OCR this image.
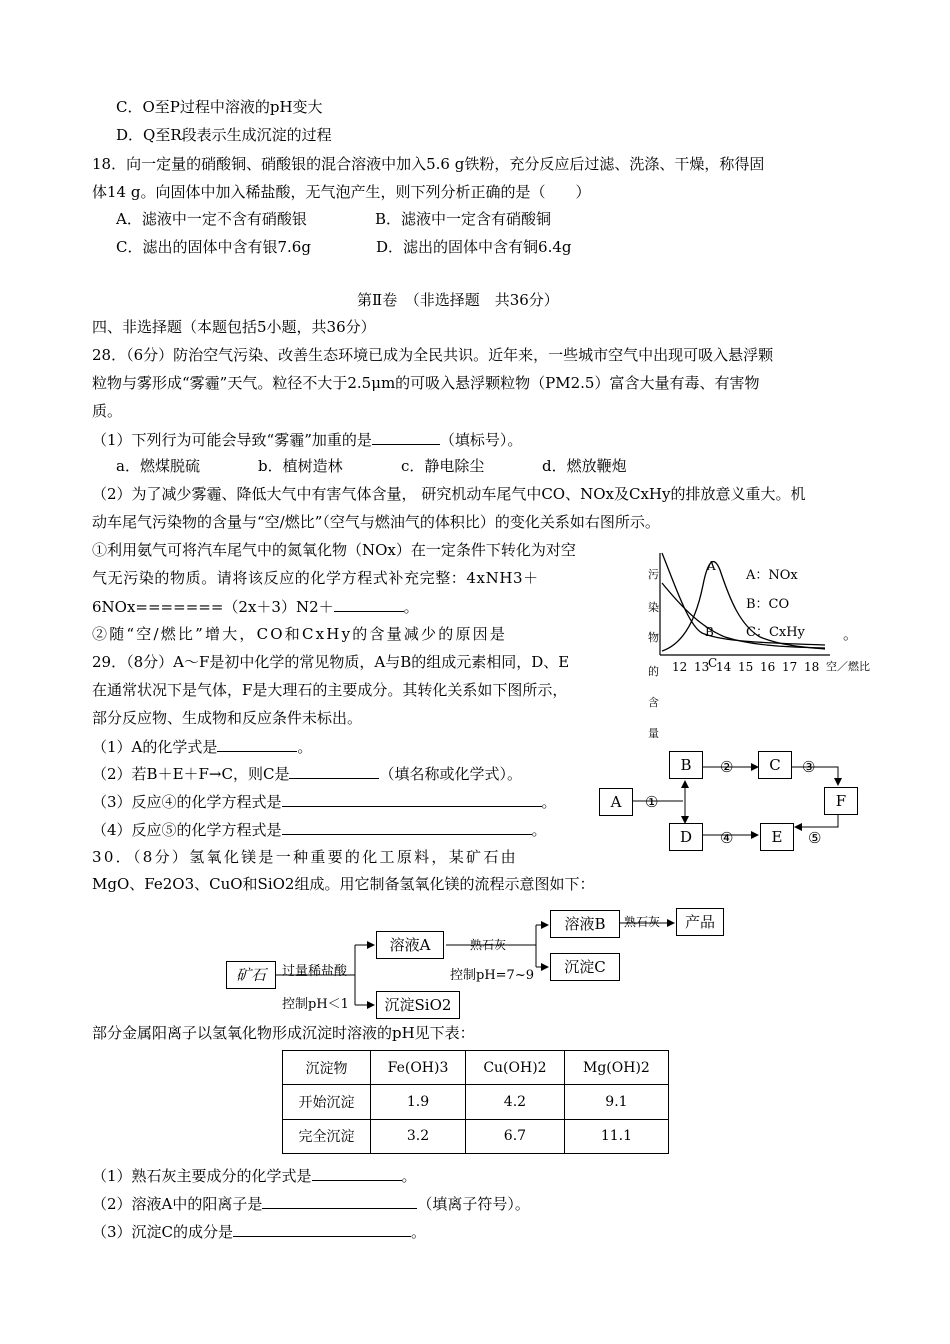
C．O至P过程中溶液的pH变大
D．Q至R段表示生成沉淀的过程
18．向一定量的硝酸铜、硝酸银的混合溶液中加入5.6 g铁粉，充分反应后过滤、洗涤、干燥，称得固
体14 g。向固体中加入稀盐酸，无气泡产生，则下列分析正确的是（　　）
A．滤液中一定不含有硝酸银	B．滤液中一定含有硝酸铜
C．滤出的固体中含有银7.6g	D．滤出的固体中含有铜6.4g
第Ⅱ卷　（非选择题　共36分）
四、非选择题（本题包括5小题，共36分）
28．（6分）防治空气污染、改善生态环境已成为全民共识。近年来，一些城市空气中出现可吸入悬浮颗
粒物与雾形成“雾霾”天气。粒径不大于2.5μm的可吸入悬浮颗粒物（PM2.5）富含大量有毒、有害物
质。
（1）下列行为可能会导致“雾霾”加重的是	（填标号）。
a．燃煤脱硫	b．植树造林	c．静电除尘	d．燃放鞭炮
（2）为了减少雾霾、降低大气中有害气体含量， 研究机动车尾气中CO、NOx及CxHy的排放意义重大。机
动车尾气污染物的含量与“空/燃比”（空气与燃油气的体积比）的变化关系如右图所示。
①利用氨气可将汽车尾气中的氮氧化物（NOx）在一定条件下转化为对空
气无污染的物质。请将该反应的化学方程式补充完整：4xNH3＋
6NOx=======（2x＋3）N2＋	。
②随“空/燃比”增大，CO和CxHy的含量减少的原因是	。
污
染
物
的
含
量
A
B
C
A：NOx
B：CO
C：CxHy
12 13 14 15 16 17 18 空／燃比
29．（8分）A～F是初中化学的常见物质，A与B的组成元素相同，D、E
在通常状况下是气体，F是大理石的主要成分。其转化关系如下图所示，
部分反应物、生成物和反应条件未标出。
（1）A的化学式是	。
（2）若B＋E＋F→C，则C是	（填名称或化学式）。
（3）反应④的化学方程式是	。
（4）反应⑤的化学方程式是	。
A
B	C
F
D	E
①
②	③
④	⑤
30．（8分）氢氧化镁是一种重要的化工原料，某矿石由
MgO、Fe2O3、CuO和SiO2组成。用它制备氢氧化镁的流程示意图如下：
矿石
溶液A
沉淀SiO2
溶液B
沉淀C
产品
过量稀盐酸
控制pH＜1
熟石灰
控制pH=7~9
熟石灰
部分金属阳离子以氢氧化物形成沉淀时溶液的pH见下表：
沉淀物	Fe(OH)3	Cu(OH)2	Mg(OH)2
开始沉淀	1.9	4.2	9.1
完全沉淀	3.2	6.7	11.1
（1）熟石灰主要成分的化学式是	。
（2）溶液A中的阳离子是	（填离子符号）。
（3）沉淀C的成分是	。
